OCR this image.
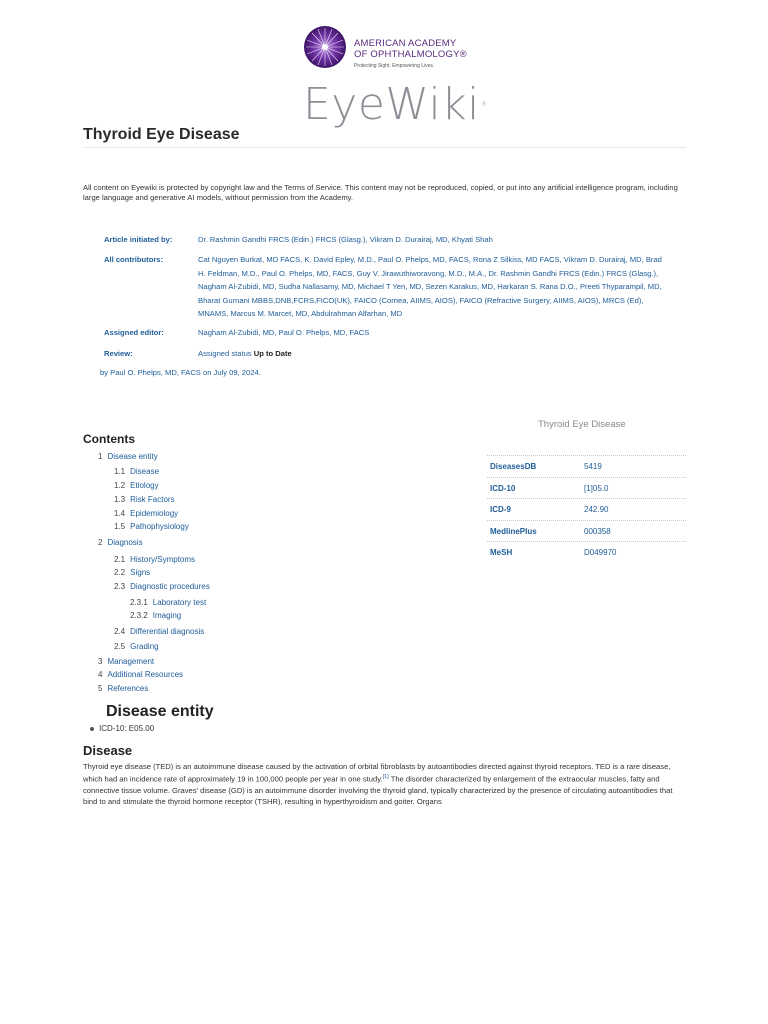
AMERICAN ACADEMY
OF OPHTHALMOLOGY®
Protecting Sight. Empowering Lives.
EyeWiki®
Thyroid Eye Disease
All content on Eyewiki is protected by copyright law and the Terms of Service. This content may not be reproduced, copied, or put into any artificial intelligence program, including large language and generative AI models, without permission from the Academy.
Article initiated by:	Dr. Rashmin Gandhi FRCS (Edin.) FRCS (Glasg.), Vikram D. Durairaj, MD, Khyati Shah
All contributors:	Cat Nguyen Burkat, MD FACS, K. David Epley, M.D., Paul O. Phelps, MD, FACS, Rona Z Silkiss, MD FACS, Vikram D. Durairaj, MD, Brad H. Feldman, M.D., Paul O. Phelps, MD, FACS, Guy V. Jirawuthiworavong, M.D., M.A., Dr. Rashmin Gandhi FRCS (Edin.) FRCS (Glasg.), Nagham Al-Zubidi, MD, Sudha Nallasamy, MD, Michael T Yen, MD, Sezen Karakus, MD, Harkaran S. Rana D.O., Preeti Thyparampil, MD, Bharat Gurnani MBBS,DNB,FCRS,FICO(UK), FAICO (Cornea, AIIMS, AIOS), FAICO (Refractive Surgery, AIIMS, AIOS), MRCS (Ed), MNAMS, Marcus M. Marcet, MD, Abdulrahman Alfarhan, MD
Assigned editor:	Nagham Al-Zubidi, MD, Paul O. Phelps, MD, FACS
Review:	Assigned status Up to Date
by Paul O. Phelps, MD, FACS on July 09, 2024.
Thyroid Eye Disease
DiseasesDB	5419
ICD-10	[1]05.0
ICD-9	242.90
MedlinePlus	000358
MeSH	D049970
Contents
1 Disease entity
1.1 Disease
1.2 Etiology
1.3 Risk Factors
1.4 Epidemiology
1.5 Pathophysiology
2 Diagnosis
2.1 History/Symptoms
2.2 Signs
2.3 Diagnostic procedures
2.3.1 Laboratory test
2.3.2 Imaging
2.4 Differential diagnosis
2.5 Grading
3 Management
4 Additional Resources
5 References
Disease entity
ICD-10: E05.00
Disease

Thyroid eye disease (TED) is an autoimmune disease caused by the activation of orbital fibroblasts by autoantibodies directed against thyroid receptors. TED is a rare disease, which had an incidence rate of approximately 19 in 100,000 people per year in one study.[1] The disorder characterized by enlargement of the extraocular muscles, fatty and connective tissue volume. Graves' disease (GD) is an autoimmune disorder involving the thyroid gland, typically characterized by the presence of circulating autoantibodies that bind to and stimulate the thyroid hormone receptor (TSHR), resulting in hyperthyroidism and goiter. Organs
